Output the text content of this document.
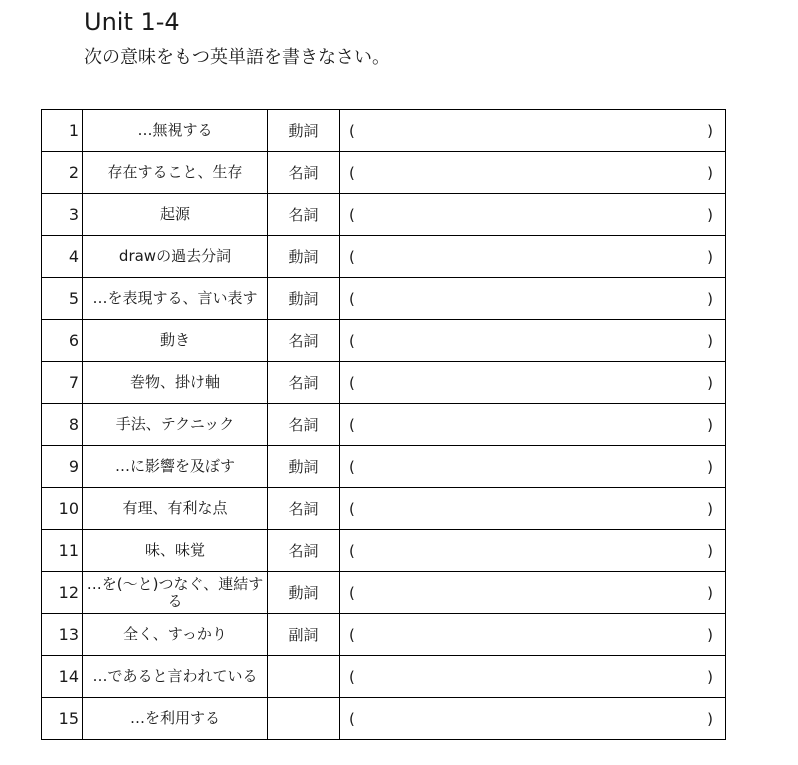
Unit 1-4

次の意味をもつ英単語を書きなさい。

1	…無視する	動詞	( )

2	存在すること、生存	名詞	( )

3	起源	名詞	( )

4	drawの過去分詞	動詞	( )

5	…を表現する、言い表す	動詞	( )

6	動き	名詞	( )

7	巻物、掛け軸	名詞	( )

8	手法、テクニック	名詞	( )

9	…に影響を及ぼす	動詞	( )

10	有理、有利な点	名詞	( )

11	味、味覚	名詞	( )

12	…を(～と)つなぐ、連結する	動詞	( )

13	全く、すっかり	副詞	( )

14	…であると言われている		( )

15	…を利用する		( )
